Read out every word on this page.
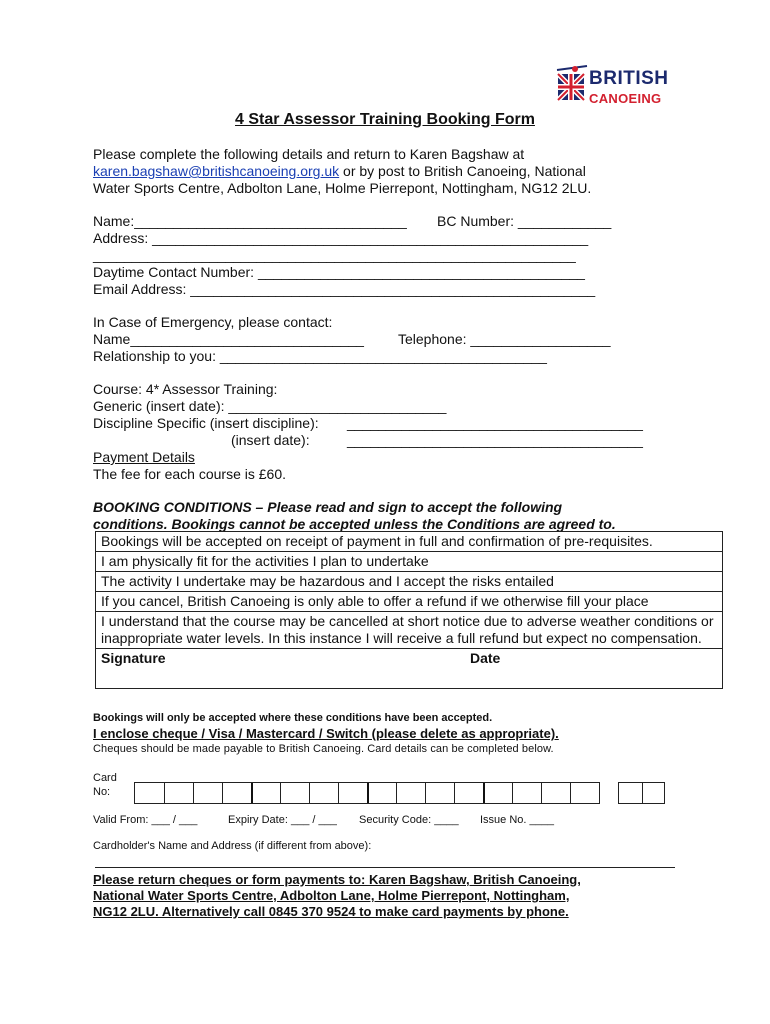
BRITISH
CANOEING
4 Star Assessor Training Booking Form
Please complete the following details and return to Karen Bagshaw at
karen.bagshaw@britishcanoeing.org.uk or by post to British Canoeing, National
Water Sports Centre, Adbolton Lane, Holme Pierrepont, Nottingham, NG12 2LU.
Name:___________________________________ BC Number: ____________
Address: ________________________________________________________
______________________________________________________________
Daytime Contact Number: __________________________________________
Email Address: ____________________________________________________
In Case of Emergency, please contact:
Name______________________________ Telephone: __________________
Relationship to you: __________________________________________
Course: 4* Assessor Training:
Generic (insert date): ____________________________
Discipline Specific (insert discipline): ______________________________________
(insert date):	______________________________________
Payment Details
The fee for each course is £60.
BOOKING CONDITIONS – Please read and sign to accept the following
conditions. Bookings cannot be accepted unless the Conditions are agreed to.
Bookings will be accepted on receipt of payment in full and confirmation of pre-requisites.
I am physically fit for the activities I plan to undertake
The activity I undertake may be hazardous and I accept the risks entailed
If you cancel, British Canoeing is only able to offer a refund if we otherwise fill your place
I understand that the course may be cancelled at short notice due to adverse weather conditions or inappropriate water levels. In this instance I will receive a full refund but expect no compensation.
Signature	Date
Bookings will only be accepted where these conditions have been accepted.
I enclose cheque / Visa / Mastercard / Switch (please delete as appropriate).
Cheques should be made payable to British Canoeing. Card details can be completed below.
Card
No:
Valid From: ___ / ___	Expiry Date: ___ / ___ Security Code: ____ Issue No. ____
Cardholder's Name and Address (if different from above):
Please return cheques or form payments to: Karen Bagshaw, British Canoeing,
National Water Sports Centre, Adbolton Lane, Holme Pierrepont, Nottingham,
NG12 2LU. Alternatively call 0845 370 9524 to make card payments by phone.
